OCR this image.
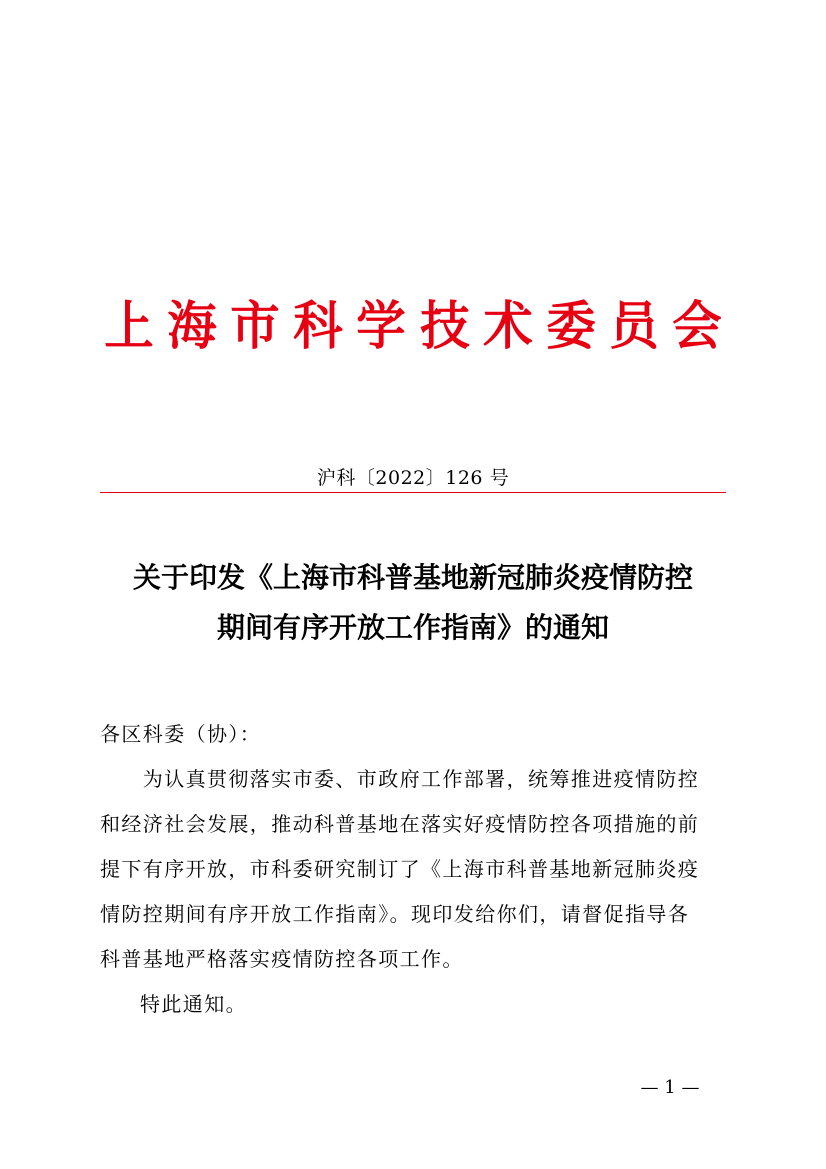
上 海 市 科 学 技 术 委 员 会
沪科〔2022〕126 号
关于印发《上海市科普基地新冠肺炎疫情防控
期间有序开放工作指南》的通知

各区科委（协）：

　　为认真贯彻落实市委、市政府工作部署，统筹推进疫情防控
和经济社会发展，推动科普基地在落实好疫情防控各项措施的前
提下有序开放，市科委研究制订了《上海市科普基地新冠肺炎疫
情防控期间有序开放工作指南》。现印发给你们，请督促指导各
科普基地严格落实疫情防控各项工作。

特此通知。

— 1 —
